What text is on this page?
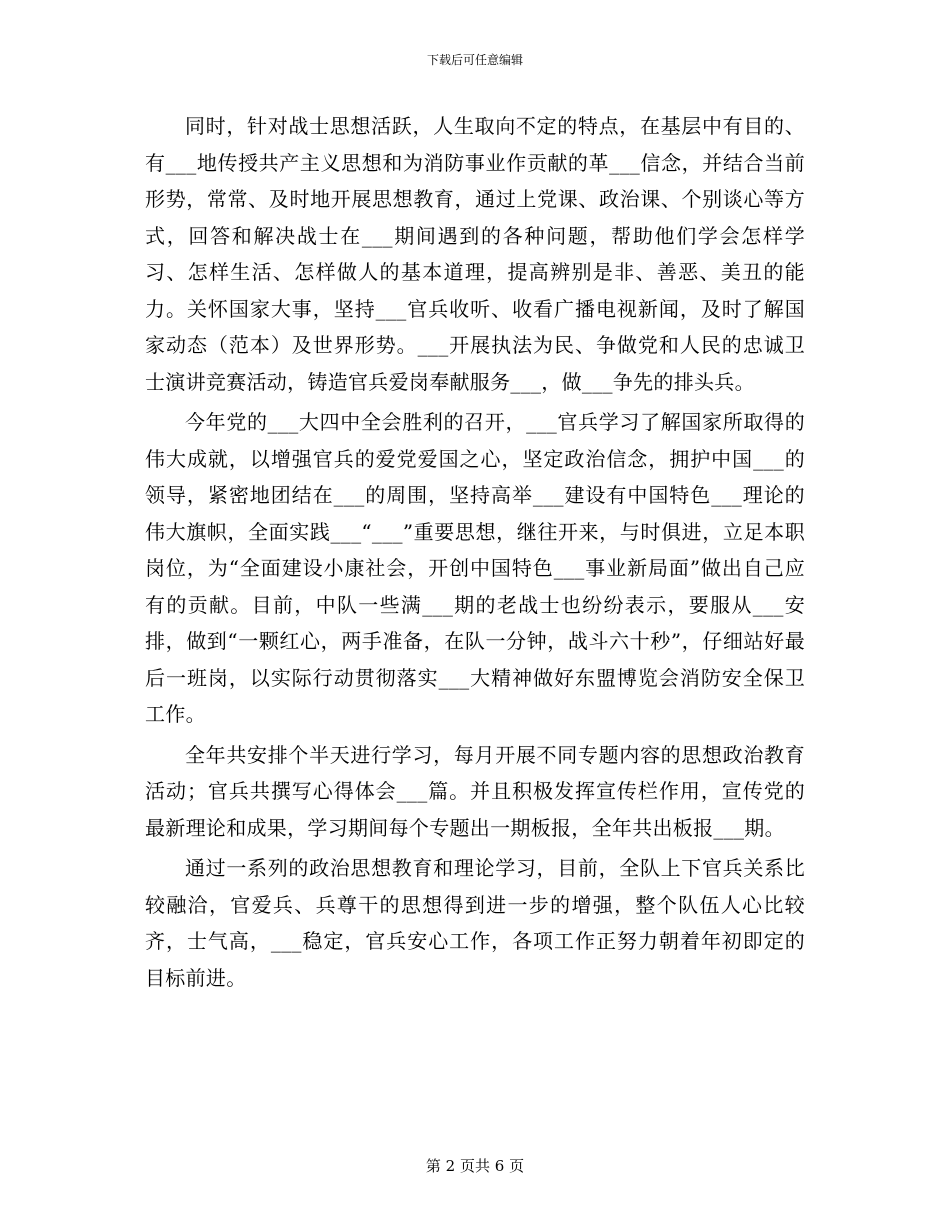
下载后可任意编辑

同时，针对战士思想活跃，人生取向不定的特点，在基层中有目的、有___地传授共产主义思想和为消防事业作贡献的革___信念，并结合当前形势，常常、及时地开展思想教育，通过上党课、政治课、个别谈心等方式，回答和解决战士在___期间遇到的各种问题，帮助他们学会怎样学习、怎样生活、怎样做人的基本道理，提高辨别是非、善恶、美丑的能力。关怀国家大事，坚持___官兵收听、收看广播电视新闻，及时了解国家动态（范本）及世界形势。___开展执法为民、争做党和人民的忠诚卫士演讲竞赛活动，铸造官兵爱岗奉献服务___，做___争先的排头兵。

今年党的___大四中全会胜利的召开，___官兵学习了解国家所取得的伟大成就，以增强官兵的爱党爱国之心，坚定政治信念，拥护中国___的领导，紧密地团结在___的周围，坚持高举___建设有中国特色___理论的伟大旗帜，全面实践___“___”重要思想，继往开来，与时俱进，立足本职岗位，为“全面建设小康社会，开创中国特色___事业新局面”做出自己应有的贡献。目前，中队一些满___期的老战士也纷纷表示，要服从___安排，做到“一颗红心，两手准备，在队一分钟，战斗六十秒”，仔细站好最后一班岗，以实际行动贯彻落实___大精神做好东盟博览会消防安全保卫工作。

全年共安排个半天进行学习，每月开展不同专题内容的思想政治教育活动；官兵共撰写心得体会___篇。并且积极发挥宣传栏作用，宣传党的最新理论和成果，学习期间每个专题出一期板报，全年共出板报___期。

通过一系列的政治思想教育和理论学习，目前，全队上下官兵关系比较融洽，官爱兵、兵尊干的思想得到进一步的增强，整个队伍人心比较齐，士气高，___稳定，官兵安心工作，各项工作正努力朝着年初即定的目标前进。

第 2 页共 6 页
